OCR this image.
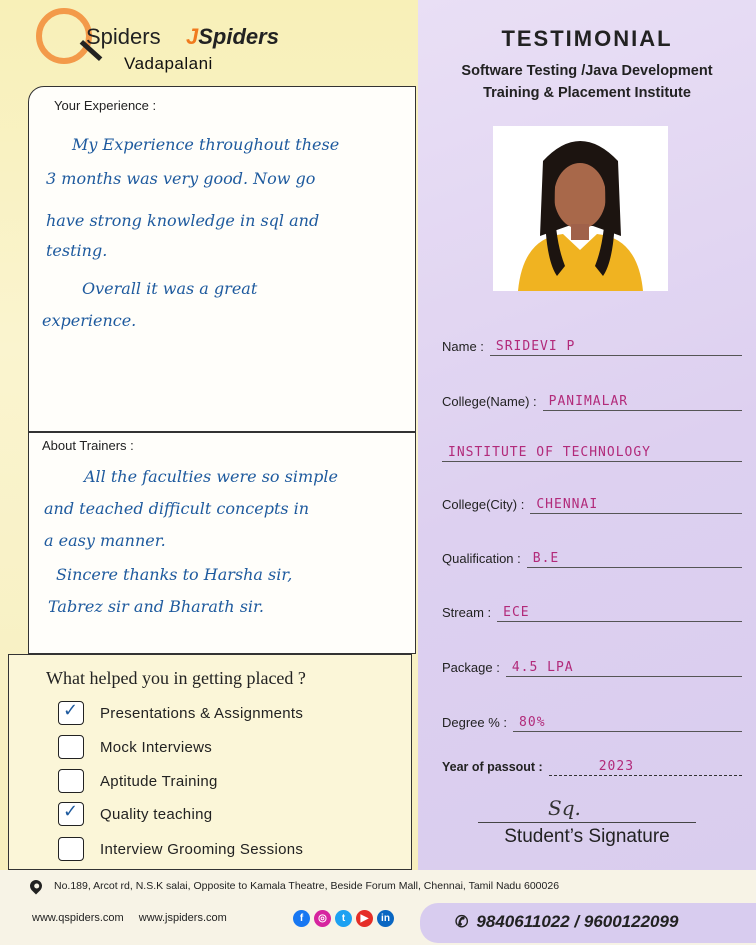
Spiders JSpiders
Vadapalani
TESTIMONIAL
Software Testing /Java Development
Training & Placement Institute
Your Experience :
My Experience throughout these
3 months was very good. Now go
have strong knowledge in sql and
testing.
Overall it was a great
experience.
About Trainers :
All the faculties were so simple
and teached difficult concepts in
a easy manner.
Sincere thanks to Harsha sir,
Tabrez sir and Bharath sir.
What helped you in getting placed ?
✓ Presentations & Assignments
Mock Interviews
Aptitude Training
✓ Quality teaching
Interview Grooming Sessions
Name : SRIDEVI P
College(Name) : PANIMALAR
INSTITUTE OF TECHNOLOGY
College(City) : CHENNAI
Qualification : B.E
Stream : ECE
Package : 4.5 LPA
Degree % : 80%
Year of passout :	2023
Sq.
Student’s Signature
No.189, Arcot rd, N.S.K salai, Opposite to Kamala Theatre, Beside Forum Mall, Chennai, Tamil Nadu 600026
www.qspiders.com www.jspiders.com	f	◎	t	▶	in	✆ 9840611022 / 9600122099
